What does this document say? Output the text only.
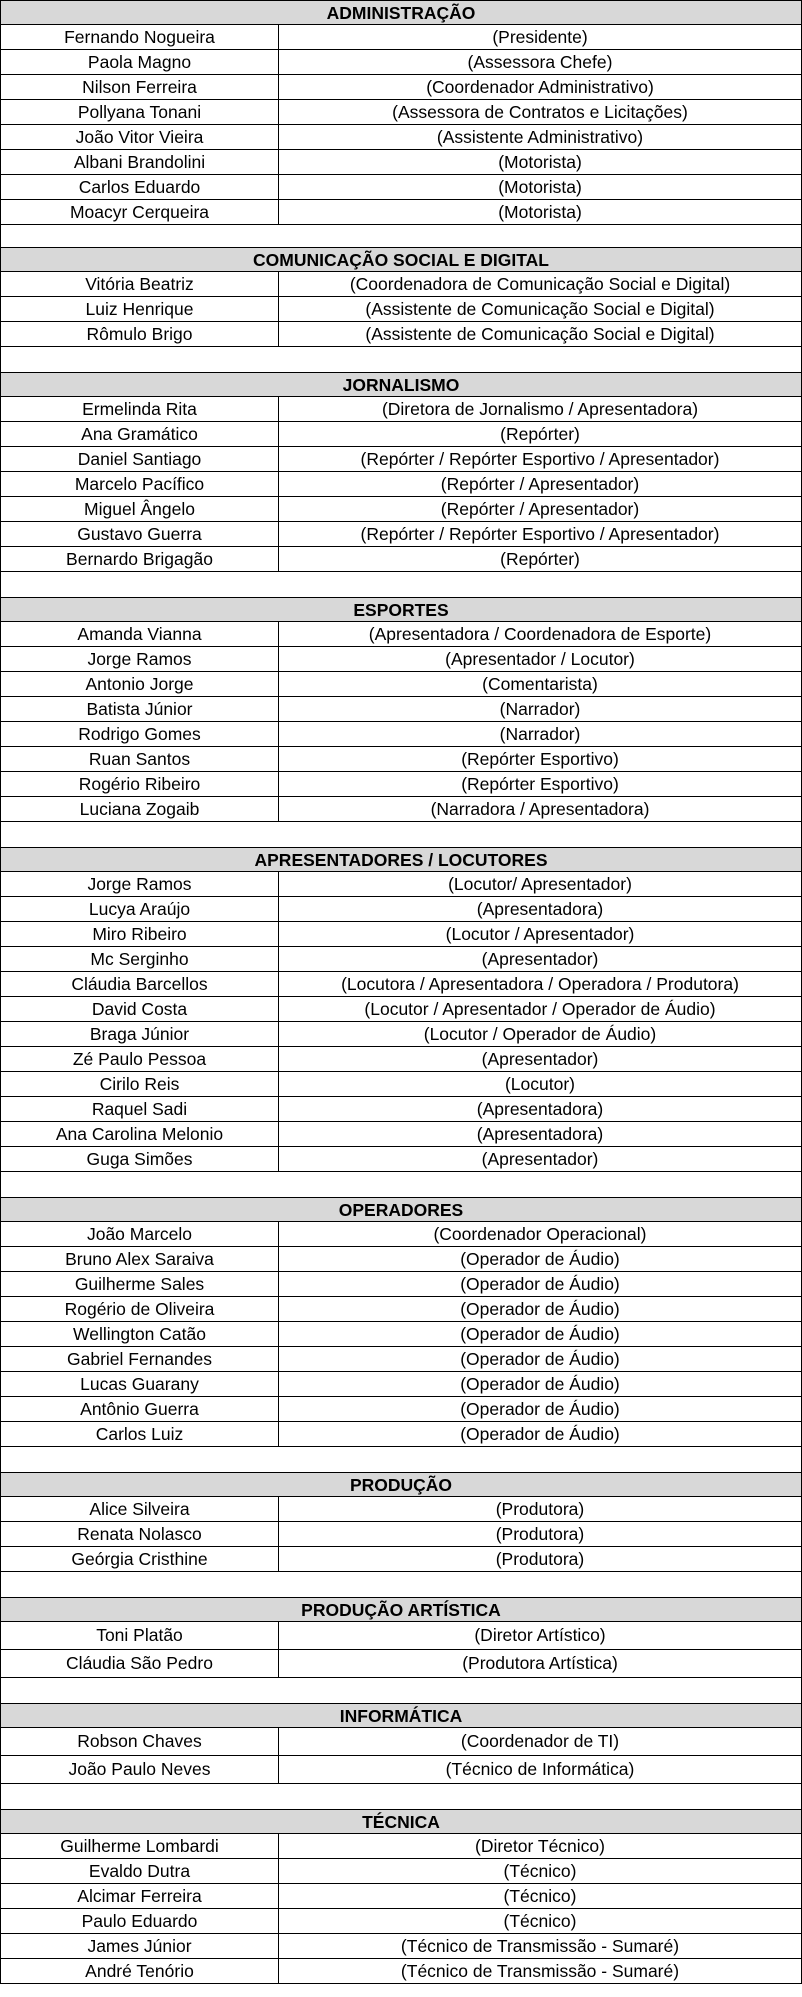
ADMINISTRAÇÃO
Fernando Nogueira	(Presidente)
Paola Magno	(Assessora Chefe)
Nilson Ferreira	(Coordenador Administrativo)
Pollyana Tonani	(Assessora de Contratos e Licitações)
João Vitor Vieira	(Assistente Administrativo)
Albani Brandolini	(Motorista)
Carlos Eduardo	(Motorista)
Moacyr Cerqueira	(Motorista)
COMUNICAÇÃO SOCIAL E DIGITAL
Vitória Beatriz	(Coordenadora de Comunicação Social e Digital)
Luiz Henrique	(Assistente de Comunicação Social e Digital)
Rômulo Brigo	(Assistente de Comunicação Social e Digital)
JORNALISMO
Ermelinda Rita	(Diretora de Jornalismo / Apresentadora)
Ana Gramático	(Repórter)
Daniel Santiago	(Repórter / Repórter Esportivo / Apresentador)
Marcelo Pacífico	(Repórter / Apresentador)
Miguel Ângelo	(Repórter / Apresentador)
Gustavo Guerra	(Repórter / Repórter Esportivo / Apresentador)
Bernardo Brigagão	(Repórter)
ESPORTES
Amanda Vianna	(Apresentadora / Coordenadora de Esporte)
Jorge Ramos	(Apresentador / Locutor)
Antonio Jorge	(Comentarista)
Batista Júnior	(Narrador)
Rodrigo Gomes	(Narrador)
Ruan Santos	(Repórter Esportivo)
Rogério Ribeiro	(Repórter Esportivo)
Luciana Zogaib	(Narradora / Apresentadora)
APRESENTADORES / LOCUTORES
Jorge Ramos	(Locutor/ Apresentador)
Lucya Araújo	(Apresentadora)
Miro Ribeiro	(Locutor / Apresentador)
Mc Serginho	(Apresentador)
Cláudia Barcellos	(Locutora / Apresentadora / Operadora / Produtora)
David Costa	(Locutor / Apresentador / Operador de Áudio)
Braga Júnior	(Locutor / Operador de Áudio)
Zé Paulo Pessoa	(Apresentador)
Cirilo Reis	(Locutor)
Raquel Sadi	(Apresentadora)
Ana Carolina Melonio	(Apresentadora)
Guga Simões	(Apresentador)
OPERADORES
João Marcelo	(Coordenador Operacional)
Bruno Alex Saraiva	(Operador de Áudio)
Guilherme Sales	(Operador de Áudio)
Rogério de Oliveira	(Operador de Áudio)
Wellington Catão	(Operador de Áudio)
Gabriel Fernandes	(Operador de Áudio)
Lucas Guarany	(Operador de Áudio)
Antônio Guerra	(Operador de Áudio)
Carlos Luiz	(Operador de Áudio)
PRODUÇÃO
Alice Silveira	(Produtora)
Renata Nolasco	(Produtora)
Geórgia Cristhine	(Produtora)
PRODUÇÃO ARTÍSTICA
Toni Platão	(Diretor Artístico)
Cláudia São Pedro	(Produtora Artística)
INFORMÁTICA
Robson Chaves	(Coordenador de TI)
João Paulo Neves	(Técnico de Informática)
TÉCNICA
Guilherme Lombardi	(Diretor Técnico)
Evaldo Dutra	(Técnico)
Alcimar Ferreira	(Técnico)
Paulo Eduardo	(Técnico)
James Júnior	(Técnico de Transmissão - Sumaré)
André Tenório	(Técnico de Transmissão - Sumaré)
